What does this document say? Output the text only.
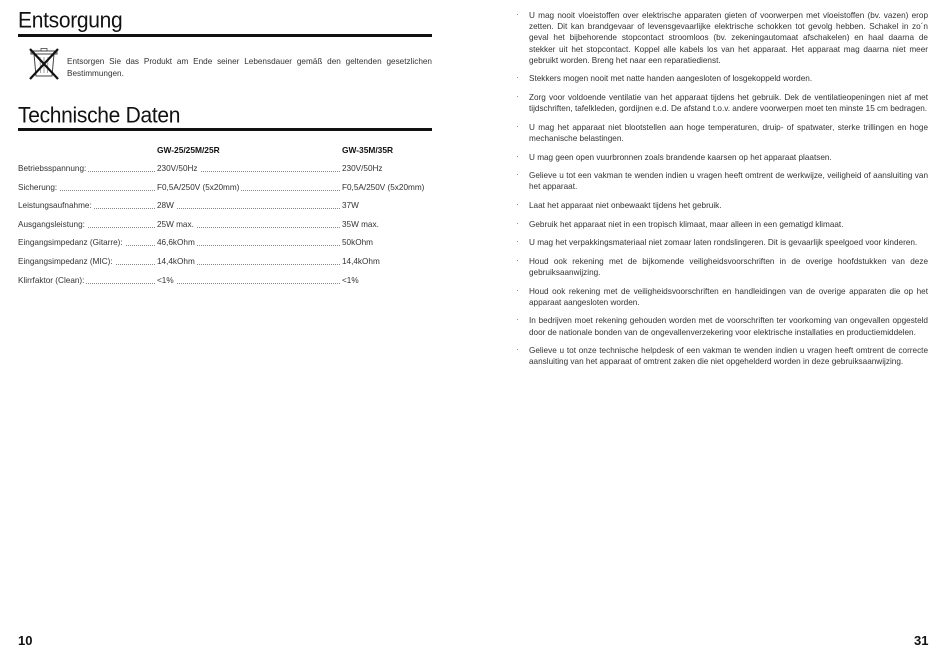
Entsorgung
Entsorgen Sie das Produkt am Ende seiner Lebensdauer gemäß den geltenden gesetzlichen Bestimmungen.
Technische Daten
GW-25/25M/25R	GW-35M/35R
Betriebsspannung:	230V/50Hz	230V/50Hz
Sicherung:	F0,5A/250V (5x20mm)	F0,5A/250V (5x20mm)
Leistungsaufnahme:	28W	37W
Ausgangsleistung:	25W max.	35W max.
Eingangsimpedanz (Gitarre):	46,6kOhm	50kOhm
Eingangsimpedanz (MIC):	14,4kOhm	14,4kOhm
Klirrfaktor (Clean):	<1%	<1%
10
· U mag nooit vloeistoffen over elektrische apparaten gieten of voorwerpen met vloeistoffen (bv. vazen) erop zetten. Dit kan brandgevaar of levensgevaarlijke elektrische schokken tot gevolg hebben. Schakel in zo´n geval het bijbehorende stopcontact stroomloos (bv. zekeningautomaat afschakelen) en haal daarna de stekker uit het stopcontact. Koppel alle kabels los van het apparaat. Het apparaat mag daarna niet meer gebruikt worden. Breng het naar een reparatiedienst.
· Stekkers mogen nooit met natte handen aangesloten of losgekoppeld worden.
· Zorg voor voldoende ventilatie van het apparaat tijdens het gebruik. Dek de ventilatieopeningen niet af met tijdschriften, tafelkleden, gordijnen e.d. De afstand t.o.v. andere voorwerpen moet ten minste 15 cm bedragen.
· U mag het apparaat niet blootstellen aan hoge temperaturen, druip- of spatwater, sterke trillingen en hoge mechanische belastingen.
· U mag geen open vuurbronnen zoals brandende kaarsen op het apparaat plaatsen.
· Gelieve u tot een vakman te wenden indien u vragen heeft omtrent de werkwijze, veiligheid of aansluiting van het apparaat.
· Laat het apparaat niet onbewaakt tijdens het gebruik.
· Gebruik het apparaat niet in een tropisch klimaat, maar alleen in een gematigd klimaat.
· U mag het verpakkingsmateriaal niet zomaar laten rondslingeren. Dit is gevaarlijk speelgoed voor kinderen.
· Houd ook rekening met de bijkomende veiligheidsvoorschriften in de overige hoofdstukken van deze gebruiksaanwijzing.
· Houd ook rekening met de veiligheidsvoorschriften en handleidingen van de overige apparaten die op het apparaat aangesloten worden.
· In bedrijven moet rekening gehouden worden met de voorschriften ter voorkoming van ongevallen opgesteld door de nationale bonden van de ongevallenverzekering voor elektrische installaties en productiemiddelen.
· Gelieve u tot onze technische helpdesk of een vakman te wenden indien u vragen heeft omtrent de correcte aansluiting van het apparaat of omtrent zaken die niet opgehelderd worden in deze gebruiksaanwijzing.
31
